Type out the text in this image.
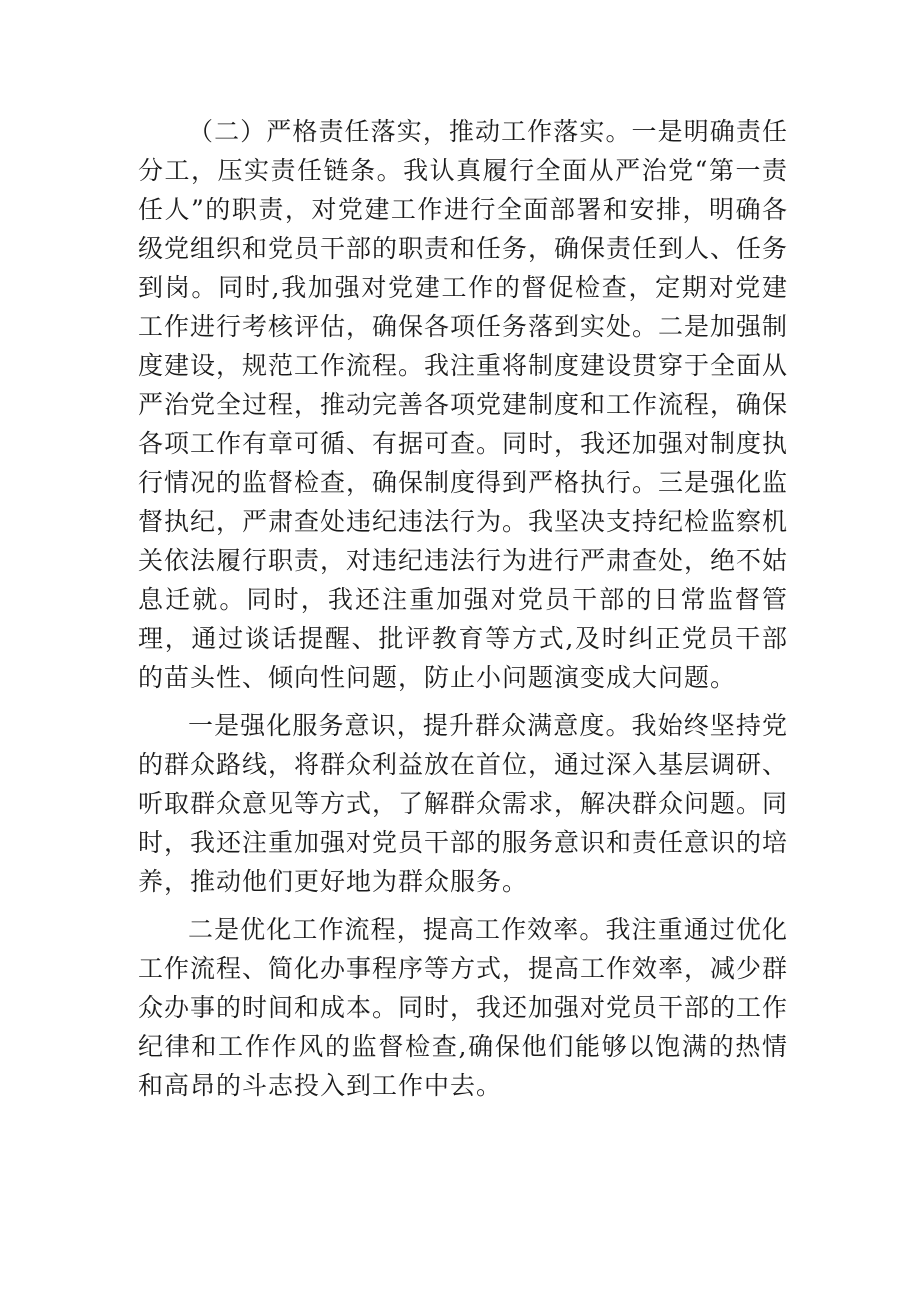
（二）严格责任落实，推动工作落实。一是明确责任分工，压实责任链条。我认真履行全面从严治党“第一责任人”的职责，对党建工作进行全面部署和安排，明确各级党组织和党员干部的职责和任务，确保责任到人、任务到岗。同时,我加强对党建工作的督促检查，定期对党建工作进行考核评估，确保各项任务落到实处。二是加强制度建设，规范工作流程。我注重将制度建设贯穿于全面从严治党全过程，推动完善各项党建制度和工作流程，确保各项工作有章可循、有据可查。同时，我还加强对制度执行情况的监督检查，确保制度得到严格执行。三是强化监督执纪，严肃查处违纪违法行为。我坚决支持纪检监察机关依法履行职责，对违纪违法行为进行严肃查处，绝不姑息迁就。同时，我还注重加强对党员干部的日常监督管理，通过谈话提醒、批评教育等方式,及时纠正党员干部的苗头性、倾向性问题，防止小问题演变成大问题。

一是强化服务意识，提升群众满意度。我始终坚持党的群众路线，将群众利益放在首位，通过深入基层调研、听取群众意见等方式，了解群众需求，解决群众问题。同时，我还注重加强对党员干部的服务意识和责任意识的培养，推动他们更好地为群众服务。

二是优化工作流程，提高工作效率。我注重通过优化工作流程、简化办事程序等方式，提高工作效率，减少群众办事的时间和成本。同时，我还加强对党员干部的工作纪律和工作作风的监督检查,确保他们能够以饱满的热情和高昂的斗志投入到工作中去。
